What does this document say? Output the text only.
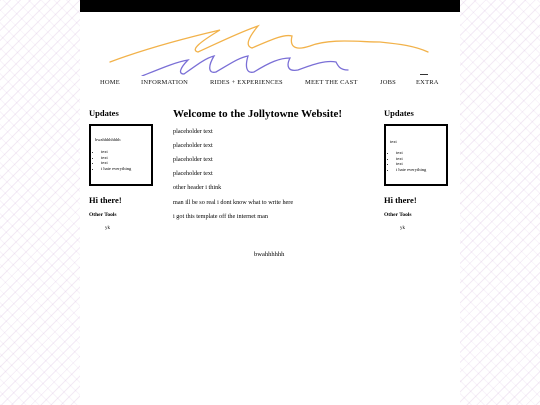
HOME	INFORMATION	RIDES + EXPERIENCES	MEET THE CAST	JOBS	EXTRA
Updates
bwahhhhhhhh
• text
• text
• text
• i hate everything
Hi there!
Other Tools
yk
Welcome to the Jollytowne Website!

placeholder text

placeholder text

placeholder text

placeholder text

other header i think

man ill be so real i dont know what to write here

i got this template off the internet man

Updates
text
• text
• text
• text
• i hate everything
Hi there!
Other Tools
yk
bwahhhhhh
